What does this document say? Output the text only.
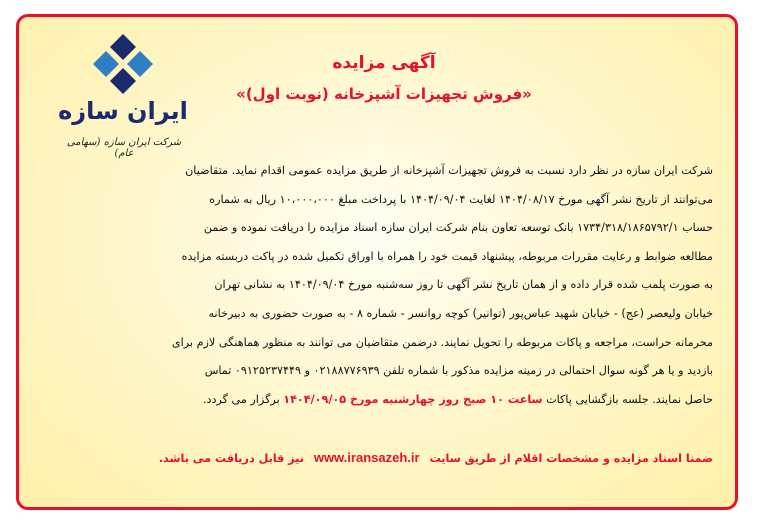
ایران سازه
شرکت ایران سازه (سهامی عام)
آگهی مزایده
«فروش تجهیزات آشپزخانه (نوبت اول)»
شرکت ایران سازه در نظر دارد نسبت به فروش تجهیزات آشپزخانه از طریق مزایده عمومی اقدام نماید. متقاضیان
می‌توانند از تاریخ نشر آگهی مورخ ۱۴۰۴/۰۸/۱۷ لغایت ۱۴۰۴/۰۹/۰۴ با پرداخت مبلغ ۱۰،۰۰۰،۰۰۰ ریال به شماره
حساب ۱۷۳۴/۳۱۸/۱۸۶۵۷۹۲/۱ بانک توسعه تعاون بنام شرکت ایران سازه اسناد مزایده را دریافت نموده و ضمن
مطالعه ضوابط و رعایت مقررات مربوطه، پیشنهاد قیمت خود را همراه با اوراق تکمیل شده در پاکت دربسته مزایده
به صورت پلمب شده قرار داده و از همان تاریخ نشر آگهی تا روز سه‌شنبه مورخ ۱۴۰۴/۰۹/۰۴ به نشانی تهران
خیابان ولیعصر (عج) - خیابان شهید عباس‌پور (توانیر) کوچه روانسر - شماره ۸ - به صورت حضوری به دبیرخانه
محرمانه حراست، مراجعه و پاکات مربوطه را تحویل نمایند. درضمن متقاضیان می توانند به منظور هماهنگی لازم برای
بازدید و یا هر گونه سوال احتمالی در زمینه مزایده مذکور با شماره تلفن ۰۲۱۸۸۷۷۶۹۳۹ و ۰۹۱۲۵۲۳۷۴۴۹ تماس
حاصل نمایند. جلسه بازگشایی پاکات ساعت ۱۰ صبح روز چهارشنبه مورخ ۱۴۰۴/۰۹/۰۵ برگزار می گردد.
ضمنا اسناد مزایده و مشخصات اقلام از طریق سایت www.iransazeh.ir نیز قابل دریافت می باشد.
